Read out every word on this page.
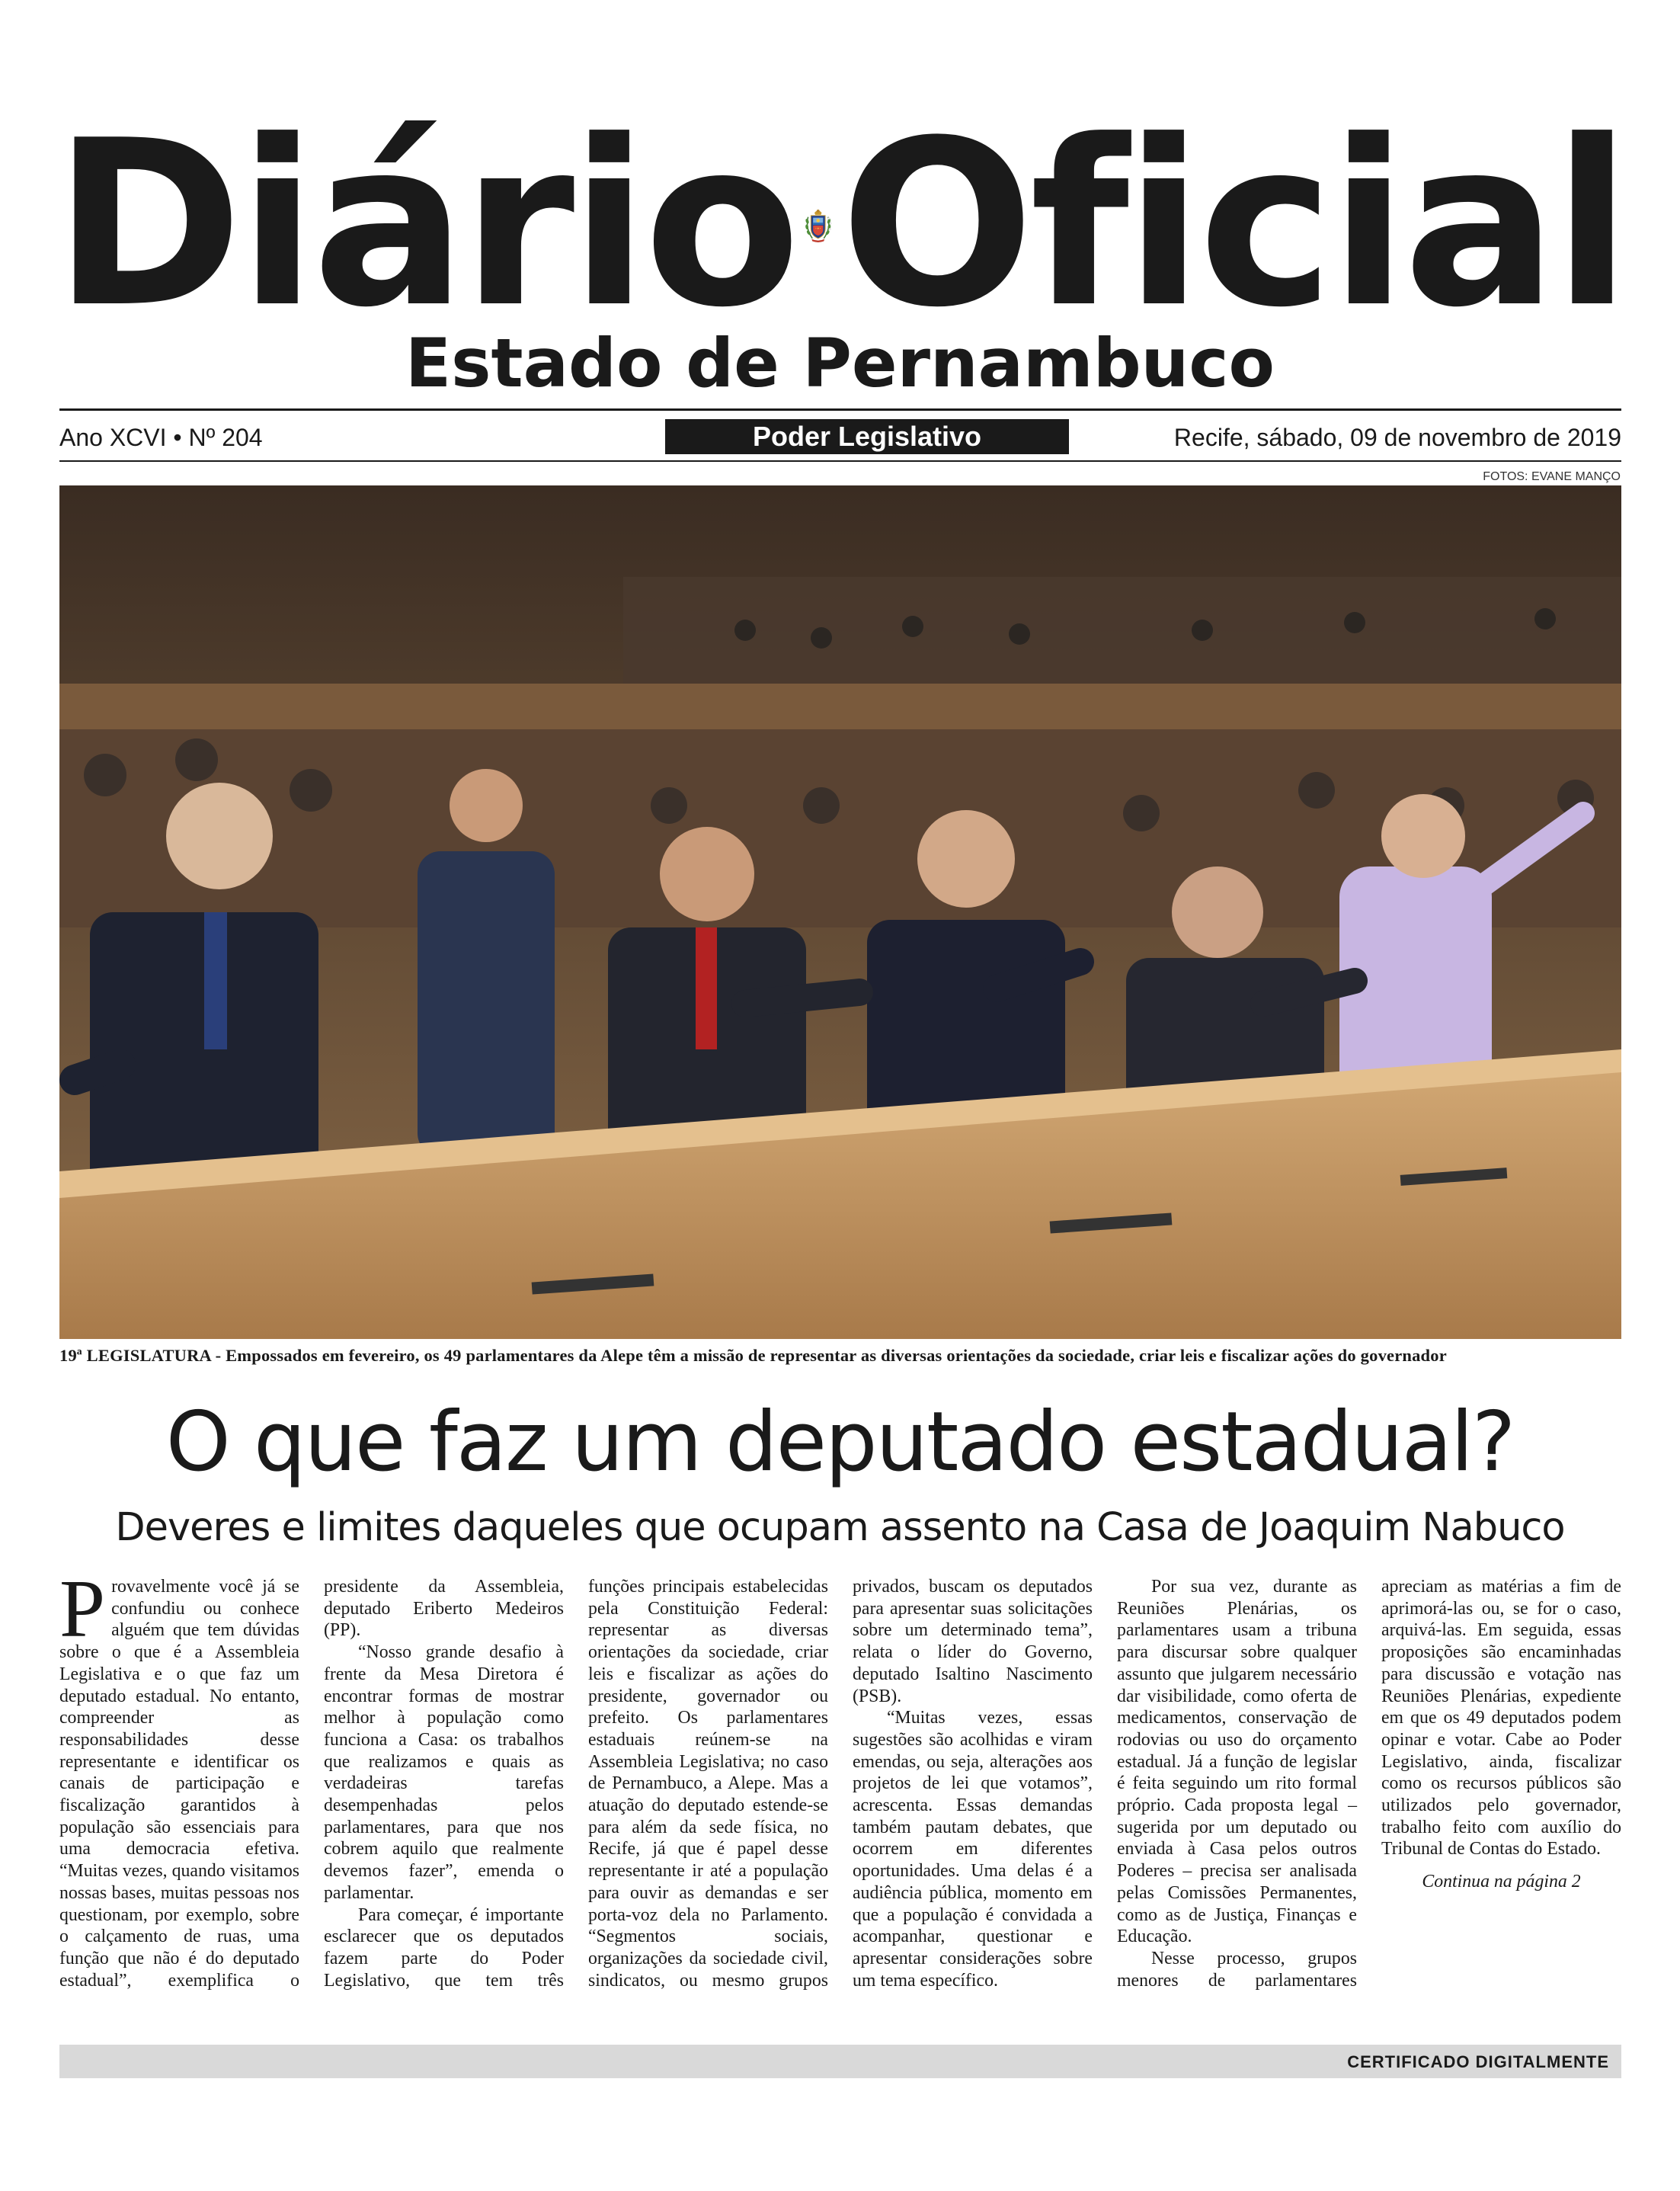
Diário Oficial
Estado de Pernambuco
Ano XCVI • Nº 204	Poder Legislativo	Recife, sábado, 09 de novembro de 2019
FOTOS: EVANE MANÇO
19ª LEGISLATURA - Empossados em fevereiro, os 49 parlamentares da Alepe têm a missão de representar as diversas orientações da sociedade, criar leis e fiscalizar ações do governador
O que faz um deputado estadual?
Deveres e limites daqueles que ocupam assento na Casa de Joaquim Nabuco

Provavelmente você já se confundiu ou conhece alguém que tem dúvidas sobre o que é a Assembleia Legislativa e o que faz um deputado estadual. No entanto, compreender as responsabilidades desse representante e identificar os canais de participação e fiscalização garantidos à população são essenciais para uma democracia efetiva. “Muitas vezes, quando visitamos nossas bases, muitas pessoas nos questionam, por exemplo, sobre o calçamento de ruas, uma função que não é do deputado estadual”, exemplifica o presidente da Assembleia, deputado Eriberto Medeiros (PP).

“Nosso grande desafio à frente da Mesa Diretora é encontrar formas de mostrar melhor à população como funciona a Casa: os trabalhos que realizamos e quais as verdadeiras tarefas desempenhadas pelos parlamentares, para que nos cobrem aquilo que realmente devemos fazer”, emenda o parlamentar.

Para começar, é importante esclarecer que os deputados fazem parte do Poder Legislativo, que tem três funções principais estabelecidas pela Constituição Federal: representar as diversas orientações da sociedade, criar leis e fiscalizar as ações do presidente, governador ou prefeito. Os parlamentares estaduais reúnem-se na Assembleia Legislativa; no caso de Pernambuco, a Alepe. Mas a atuação do deputado estende-se para além da sede física, no Recife, já que é papel desse representante ir até a população para ouvir as demandas e ser porta-voz dela no Parlamento. “Segmentos sociais, organizações da sociedade civil, sindicatos, ou mesmo grupos privados, buscam os deputados para apresentar suas solicitações sobre um determinado tema”, relata o líder do Governo, deputado Isaltino Nascimento (PSB).

“Muitas vezes, essas sugestões são acolhidas e viram emendas, ou seja, alterações aos projetos de lei que votamos”, acrescenta. Essas demandas também pautam debates, que ocorrem em diferentes oportunidades. Uma delas é a audiência pública, momento em que a população é convidada a acompanhar, questionar e apresentar considerações sobre um tema específico.

Por sua vez, durante as Reuniões Plenárias, os parlamentares usam a tribuna para discursar sobre qualquer assunto que julgarem necessário dar visibilidade, como oferta de medicamentos, conservação de rodovias ou uso do orçamento estadual. Já a função de legislar é feita seguindo um rito formal próprio. Cada proposta legal – sugerida por um deputado ou enviada à Casa pelos outros Poderes – precisa ser analisada pelas Comissões Permanentes, como as de Justiça, Finanças e Educação.

Nesse processo, grupos menores de parlamentares apreciam as matérias a fim de aprimorá-las ou, se for o caso, arquivá-las. Em seguida, essas proposições são encaminhadas para discussão e votação nas Reuniões Plenárias, expediente em que os 49 deputados podem opinar e votar. Cabe ao Poder Legislativo, ainda, fiscalizar como os recursos públicos são utilizados pelo governador, trabalho feito com auxílio do Tribunal de Contas do Estado.

Continua na página 2

CERTIFICADO DIGITALMENTE
